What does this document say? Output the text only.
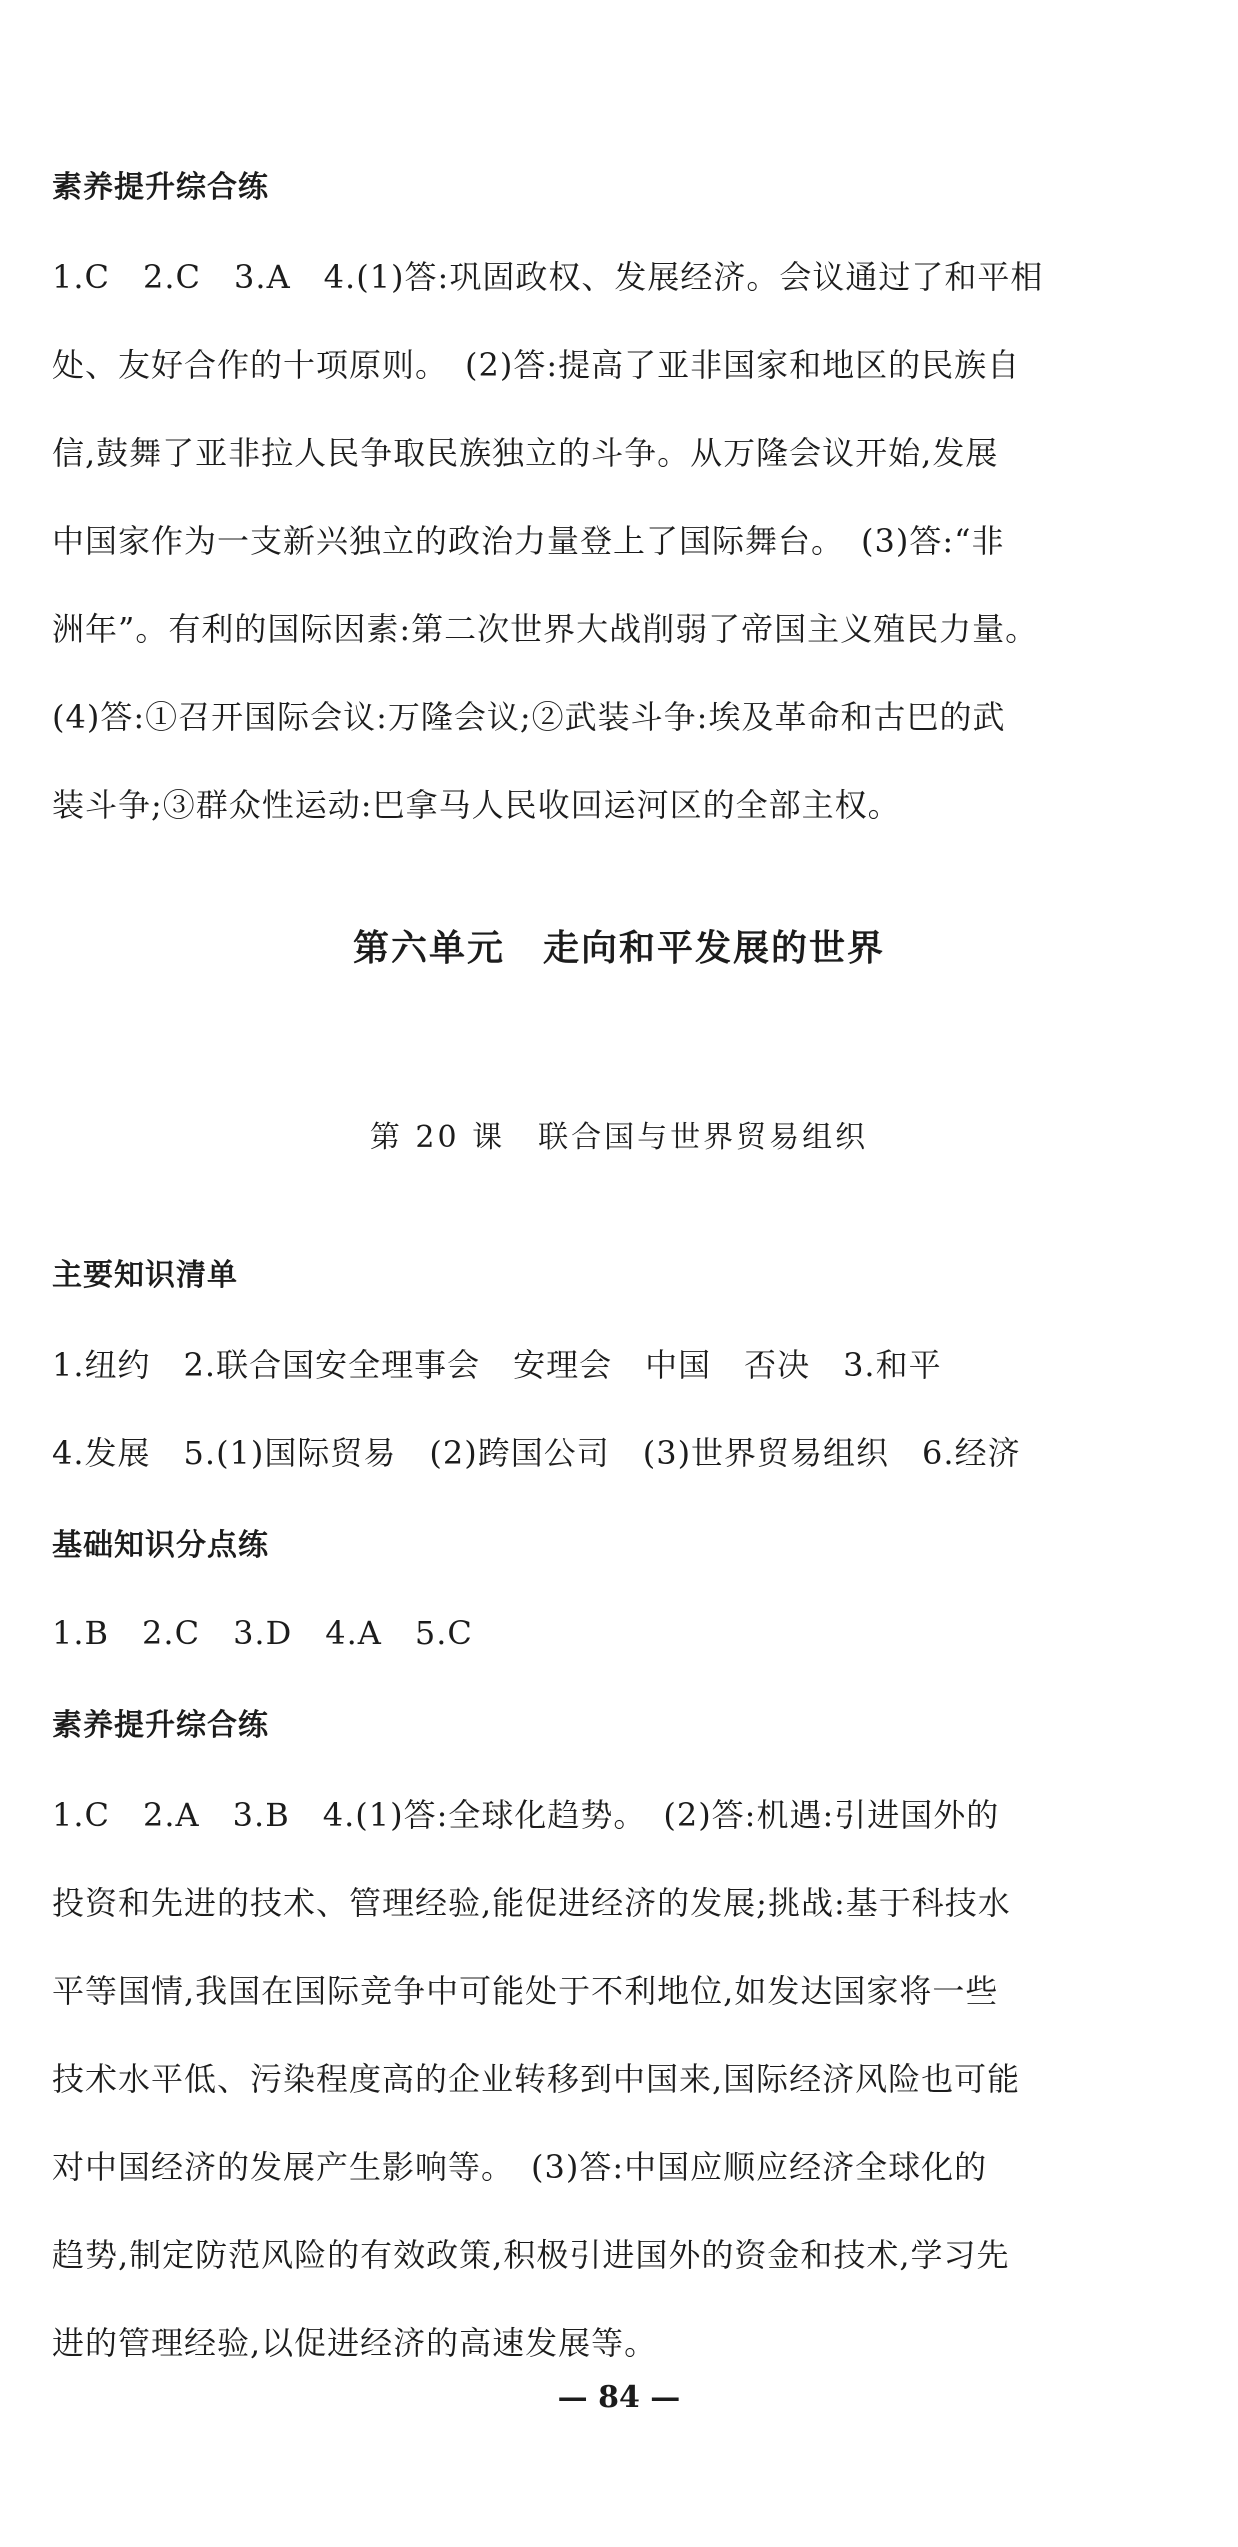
素养提升综合练
1.C　2.C　3.A　4.(1)答:巩固政权、发展经济。会议通过了和平相
处、友好合作的十项原则。　(2)答:提高了亚非国家和地区的民族自
信,鼓舞了亚非拉人民争取民族独立的斗争。从万隆会议开始,发展
中国家作为一支新兴独立的政治力量登上了国际舞台。　(3)答:“非
洲年”。有利的国际因素:第二次世界大战削弱了帝国主义殖民力量。
(4)答:①召开国际会议:万隆会议;②武装斗争:埃及革命和古巴的武
装斗争;③群众性运动:巴拿马人民收回运河区的全部主权。
第六单元　走向和平发展的世界
第 20 课　联合国与世界贸易组织
主要知识清单
1.纽约　2.联合国安全理事会　安理会　中国　否决　3.和平
4.发展　5.(1)国际贸易　(2)跨国公司　(3)世界贸易组织　6.经济
基础知识分点练
1.B　2.C　3.D　4.A　5.C
素养提升综合练
1.C　2.A　3.B　4.(1)答:全球化趋势。　(2)答:机遇:引进国外的
投资和先进的技术、管理经验,能促进经济的发展;挑战:基于科技水
平等国情,我国在国际竞争中可能处于不利地位,如发达国家将一些
技术水平低、污染程度高的企业转移到中国来,国际经济风险也可能
对中国经济的发展产生影响等。　(3)答:中国应顺应经济全球化的
趋势,制定防范风险的有效政策,积极引进国外的资金和技术,学习先
进的管理经验,以促进经济的高速发展等。
— 84 —
